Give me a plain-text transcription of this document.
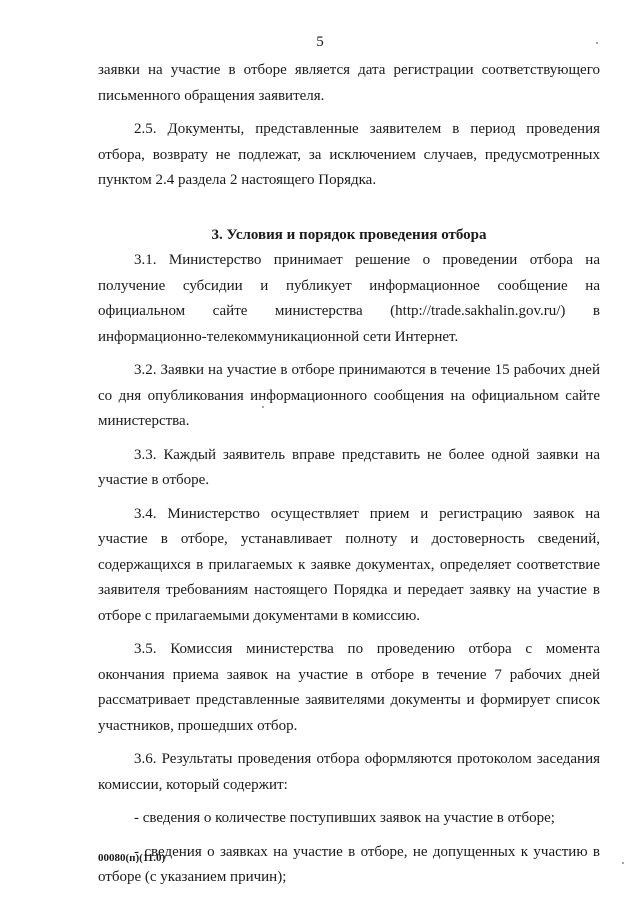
5

заявки на участие в отборе является дата регистрации соответствующего письменного обращения заявителя.

2.5. Документы, представленные заявителем в период проведения отбора, возврату не подлежат, за исключением случаев, предусмотренных пунктом 2.4 раздела 2 настоящего Порядка.

3. Условия и порядок проведения отбора

3.1. Министерство принимает решение о проведении отбора на получение субсидии и публикует информационное сообщение на официальном сайте министерства (http://trade.sakhalin.gov.ru/) в информационно-телекоммуникационной сети Интернет.

3.2. Заявки на участие в отборе принимаются в течение 15 рабочих дней со дня опубликования информационного сообщения на официальном сайте министерства.

3.3. Каждый заявитель вправе представить не более одной заявки на участие в отборе.

3.4. Министерство осуществляет прием и регистрацию заявок на участие в отборе, устанавливает полноту и достоверность сведений, содержащихся в прилагаемых к заявке документах, определяет соответствие заявителя требованиям настоящего Порядка и передает заявку на участие в отборе с прилагаемыми документами в комиссию.

3.5. Комиссия министерства по проведению отбора с момента окончания приема заявок на участие в отборе в течение 7 рабочих дней рассматривает представленные заявителями документы и формирует список участников, прошедших отбор.

3.6. Результаты проведения отбора оформляются протоколом заседания комиссии, который содержит:

- сведения о количестве поступивших заявок на участие в отборе;

- сведения о заявках на участие в отборе, не допущенных к участию в отборе (с указанием причин);

00080(п)(11.0)
